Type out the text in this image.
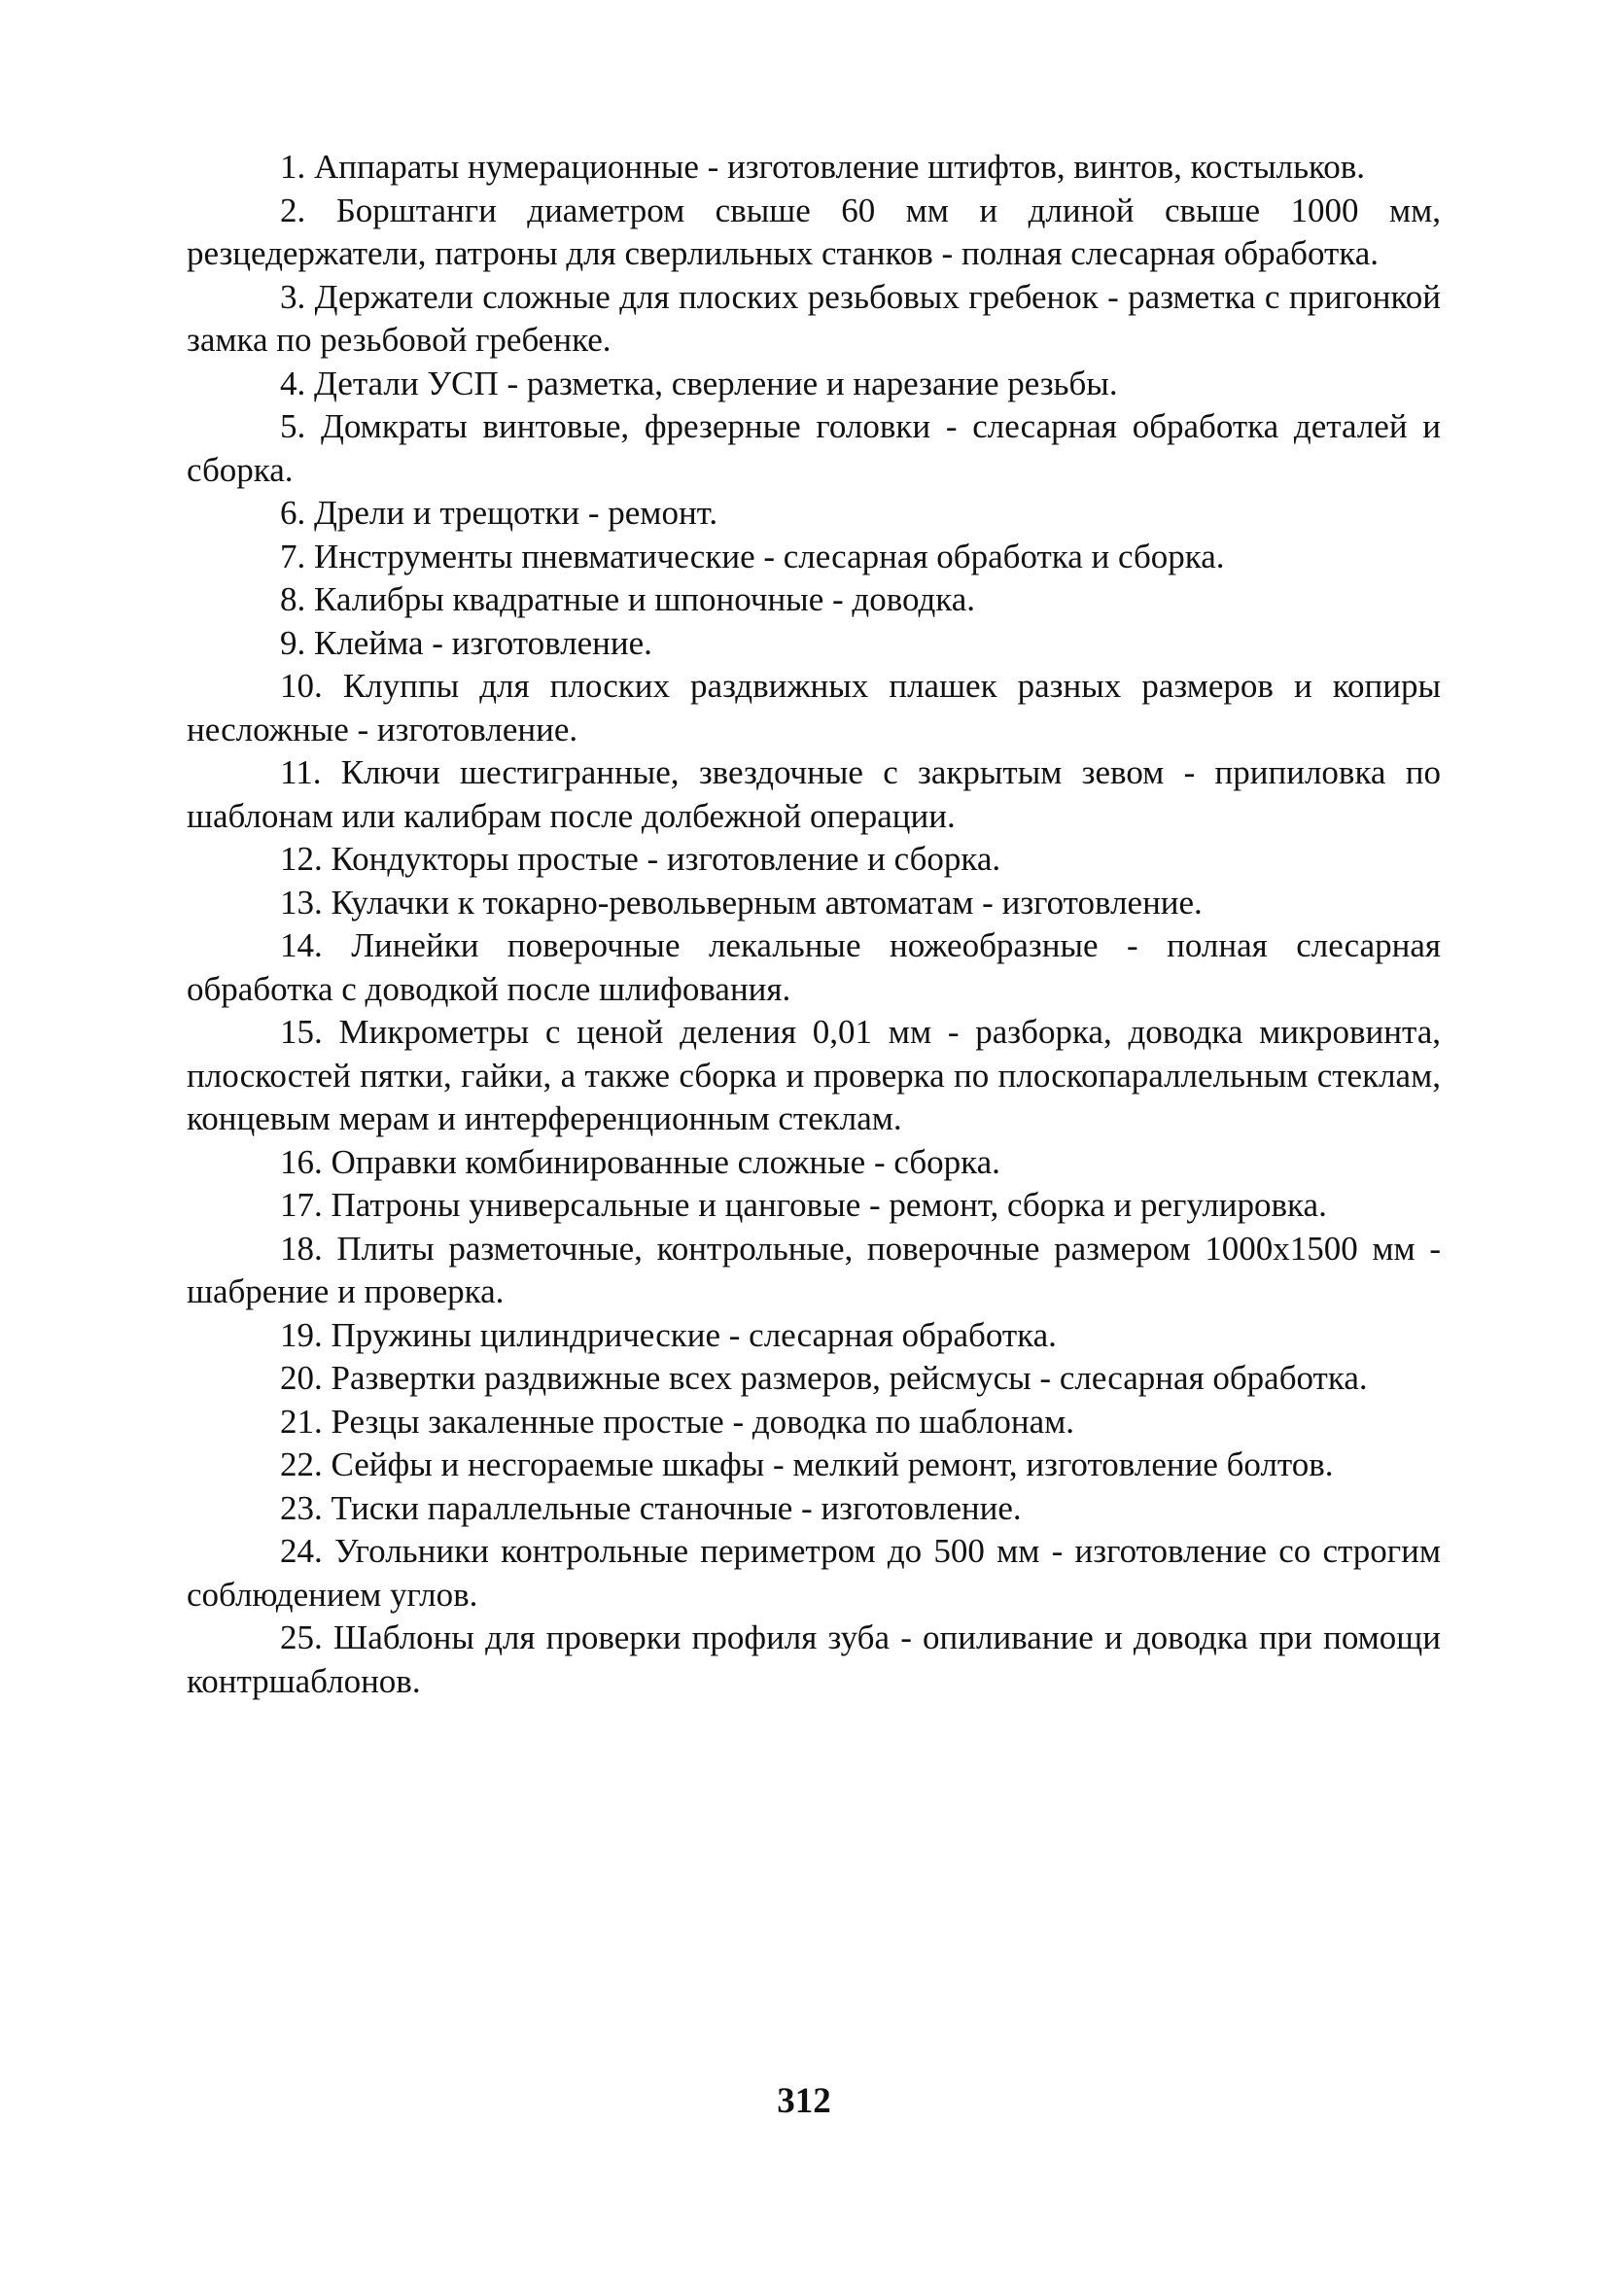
1. Аппараты нумерационные - изготовление штифтов, винтов, костыльков.

2. Борштанги диаметром свыше 60 мм и длиной свыше 1000 мм, резцедержатели, патроны для сверлильных станков - полная слесарная обработка.

3. Держатели сложные для плоских резьбовых гребенок - разметка с пригонкой замка по резьбовой гребенке.

4. Детали УСП - разметка, сверление и нарезание резьбы.

5. Домкраты винтовые, фрезерные головки - слесарная обработка деталей и сборка.

6. Дрели и трещотки - ремонт.

7. Инструменты пневматические - слесарная обработка и сборка.

8. Калибры квадратные и шпоночные - доводка.

9. Клейма - изготовление.

10. Клуппы для плоских раздвижных плашек разных размеров и копиры несложные - изготовление.

11. Ключи шестигранные, звездочные с закрытым зевом - припиловка по шаблонам или калибрам после долбежной операции.

12. Кондукторы простые - изготовление и сборка.

13. Кулачки к токарно-револьверным автоматам - изготовление.

14. Линейки поверочные лекальные ножеобразные - полная слесарная обработка с доводкой после шлифования.

15. Микрометры с ценой деления 0,01 мм - разборка, доводка микровинта, плоскостей пятки, гайки, а также сборка и проверка по плоскопараллельным стеклам, концевым мерам и интерференционным стеклам.

16. Оправки комбинированные сложные - сборка.

17. Патроны универсальные и цанговые - ремонт, сборка и регулировка.

18. Плиты разметочные, контрольные, поверочные размером 1000x1500 мм - шабрение и проверка.

19. Пружины цилиндрические - слесарная обработка.

20. Развертки раздвижные всех размеров, рейсмусы - слесарная обработка.

21. Резцы закаленные простые - доводка по шаблонам.

22. Сейфы и несгораемые шкафы - мелкий ремонт, изготовление болтов.

23. Тиски параллельные станочные - изготовление.

24. Угольники контрольные периметром до 500 мм - изготовление со строгим соблюдением углов.

25. Шаблоны для проверки профиля зуба - опиливание и доводка при помощи контршаблонов.

312
